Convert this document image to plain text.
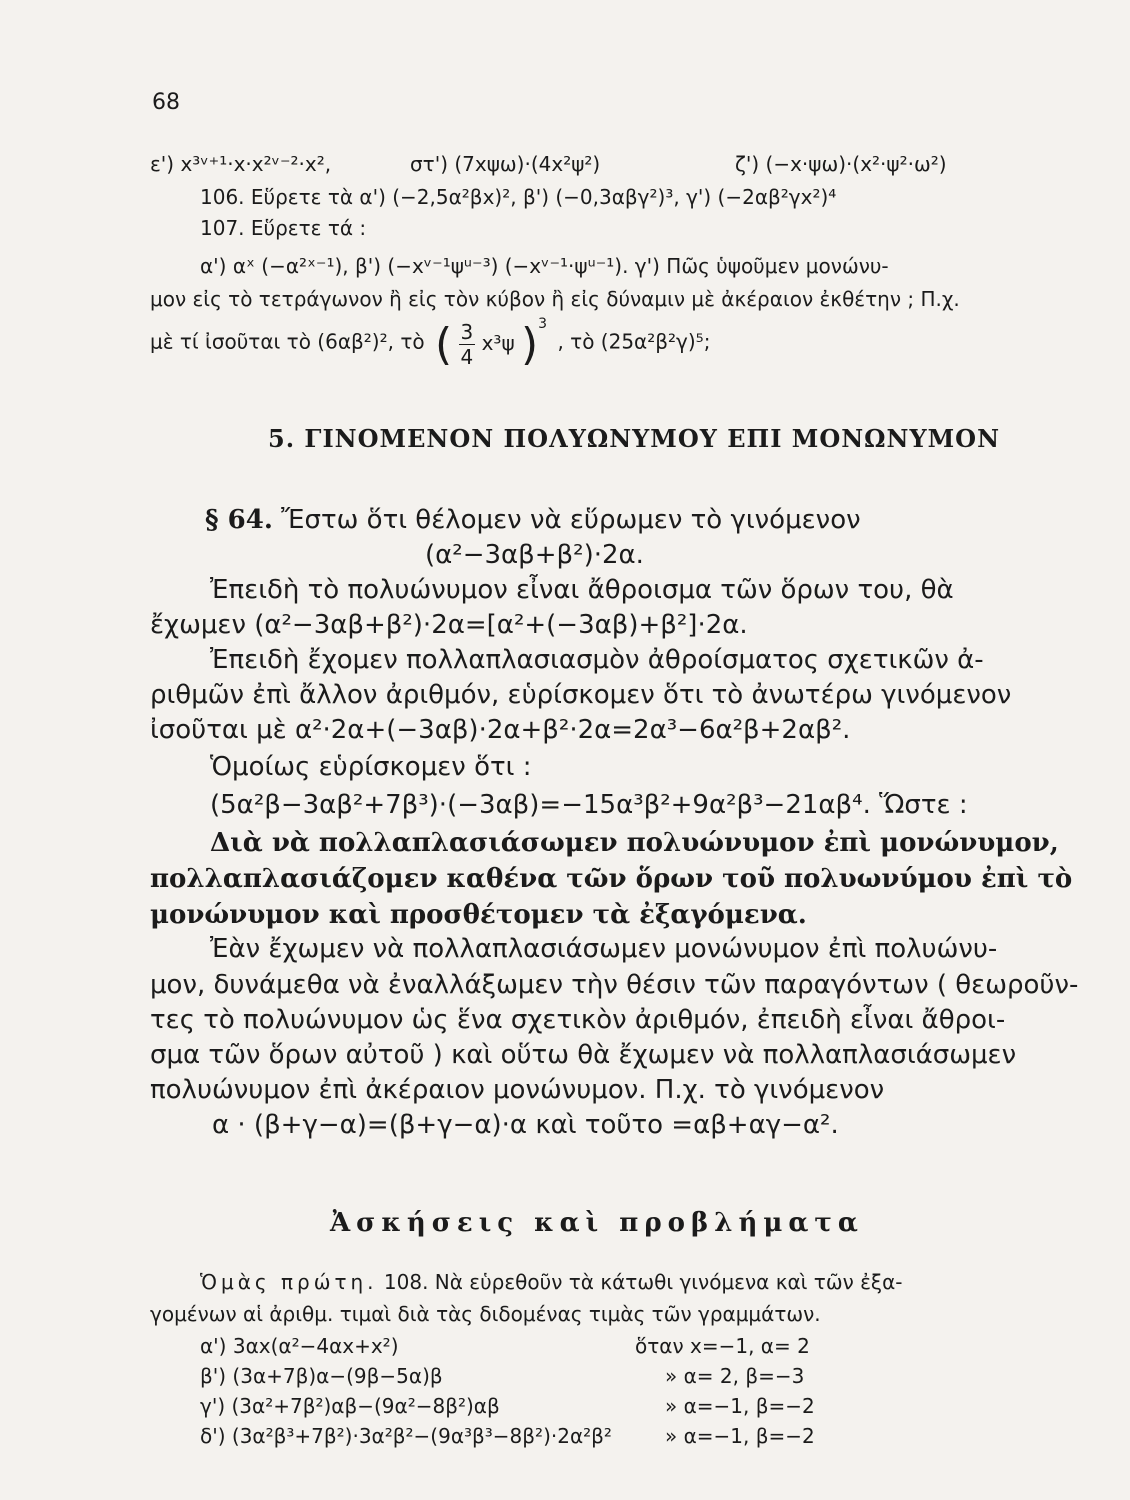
68
ε') x³ᵛ⁺¹·x·x²ᵛ⁻²·x²,	στ') (7xψω)·(4x²ψ²)	ζ') (−x·ψω)·(x²·ψ²·ω²)
106. Εὕρετε τὰ α') (−2,5α²βx)², β') (−0,3αβγ²)³, γ') (−2αβ²γx²)⁴
107. Εὕρετε τά :
α') αˣ (−α²ˣ⁻¹), β') (−xᵛ⁻¹ψᵘ⁻³) (−xᵛ⁻¹·ψᵘ⁻¹). γ') Πῶς ὑψοῦμεν μονώνυ-
μον εἰς τὸ τετράγωνον ἢ εἰς τὸν κύβον ἢ εἰς δύναμιν μὲ ἀκέραιον ἐκθέτην ; Π.χ.
μὲ τί ἰσοῦται τὸ (6αβ²)², τὸ ( $\frac{3}{4} x^3\psi$ )$^3$ , τὸ (25α²β²γ)⁵;
5. ΓΙΝΟΜΕΝΟΝ ΠΟΛΥΩΝΥΜΟΥ ΕΠΙ ΜΟΝΩΝΥΜΟΝ
§ 64. Ἔστω ὅτι θέλομεν νὰ εὕρωμεν τὸ γινόμενον
(α²−3αβ+β²)·2α.
Ἐπειδὴ τὸ πολυώνυμον εἶναι ἄθροισμα τῶν ὅρων του, θὰ
ἔχωμεν (α²−3αβ+β²)·2α=[α²+(−3αβ)+β²]·2α.
Ἐπειδὴ ἔχομεν πολλαπλασιασμὸν ἀθροίσματος σχετικῶν ἀ-
ριθμῶν ἐπὶ ἄλλον ἀριθμόν, εὑρίσκομεν ὅτι τὸ ἀνωτέρω γινόμενον
ἰσοῦται μὲ α²·2α+(−3αβ)·2α+β²·2α=2α³−6α²β+2αβ².
Ὁμοίως εὑρίσκομεν ὅτι :
(5α²β−3αβ²+7β³)·(−3αβ)=−15α³β²+9α²β³−21αβ⁴. Ὥστε :
Διὰ νὰ πολλαπλασιάσωμεν πολυώνυμον ἐπὶ μονώνυμον,
πολλαπλασιάζομεν καθένα τῶν ὅρων τοῦ πολυωνύμου ἐπὶ τὸ
μονώνυμον καὶ προσθέτομεν τὰ ἐξαγόμενα.
Ἐὰν ἔχωμεν νὰ πολλαπλασιάσωμεν μονώνυμον ἐπὶ πολυώνυ-
μον, δυνάμεθα νὰ ἐναλλάξωμεν τὴν θέσιν τῶν παραγόντων ( θεωροῦν-
τες τὸ πολυώνυμον ὡς ἕνα σχετικὸν ἀριθμόν, ἐπειδὴ εἶναι ἄθροι-
σμα τῶν ὅρων αὐτοῦ ) καὶ οὕτω θὰ ἔχωμεν νὰ πολλαπλασιάσωμεν
πολυώνυμον ἐπὶ ἀκέραιον μονώνυμον. Π.χ. τὸ γινόμενον
α · (β+γ−α)=(β+γ−α)·α καὶ τοῦτο =αβ+αγ−α².
Ἀσκήσεις καὶ προβλήματα
Ὁμὰς πρώτη. 108. Νὰ εὑρεθοῦν τὰ κάτωθι γινόμενα καὶ τῶν ἐξα-
γομένων αἱ ἀριθμ. τιμαὶ διὰ τὰς διδομένας τιμὰς τῶν γραμμάτων.
α') 3αx(α²−4αx+x²)	ὅταν x=−1, α= 2
β') (3α+7β)α−(9β−5α)β	» α= 2, β=−3
γ') (3α²+7β²)αβ−(9α²−8β²)αβ	» α=−1, β=−2
δ') (3α²β³+7β²)·3α²β²−(9α³β³−8β²)·2α²β²	» α=−1, β=−2
